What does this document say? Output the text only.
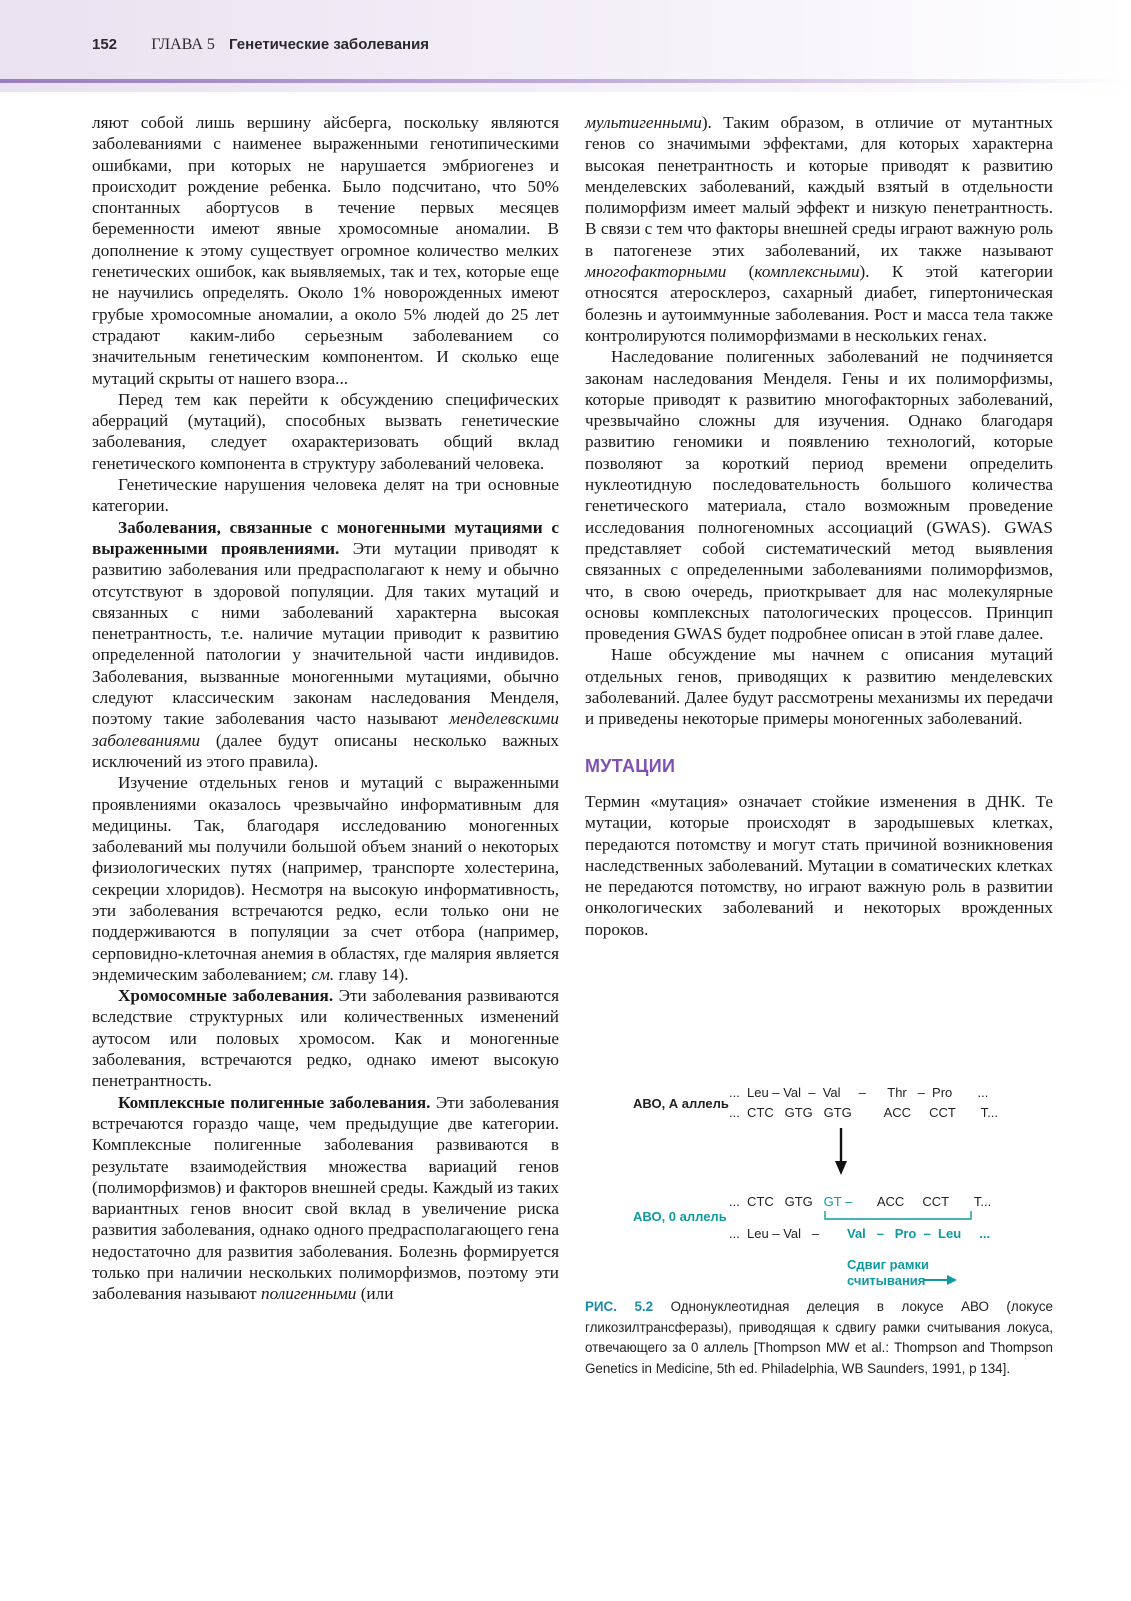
152 ГЛАВА 5 Генетические заболевания

ляют собой лишь вершину айсберга, поскольку являются заболеваниями с наименее выраженными генотипическими ошибками, при которых не нарушается эмбриогенез и происходит рождение ребенка. Было подсчитано, что 50% спонтанных абортусов в течение первых месяцев беременности имеют явные хромосомные аномалии. В дополнение к этому существует огромное количество мелких генетических ошибок, как выявляемых, так и тех, которые еще не научились определять. Около 1% новорожденных имеют грубые хромосомные аномалии, а около 5% людей до 25 лет страдают каким-либо серьезным заболеванием со значительным генетическим компонентом. И сколько еще мутаций скрыты от нашего взора...

Перед тем как перейти к обсуждению специфических аберраций (мутаций), способных вызвать генетические заболевания, следует охарактеризовать общий вклад генетического компонента в структуру заболеваний человека.

Генетические нарушения человека делят на три основные категории.

Заболевания, связанные с моногенными мутациями с выраженными проявлениями. Эти мутации приводят к развитию заболевания или предрасполагают к нему и обычно отсутствуют в здоровой популяции. Для таких мутаций и связанных с ними заболеваний характерна высокая пенетрантность, т.е. наличие мутации приводит к развитию определенной патологии у значительной части индивидов. Заболевания, вызванные моногенными мутациями, обычно следуют классическим законам наследования Менделя, поэтому такие заболевания часто называют менделевскими заболеваниями (далее будут описаны несколько важных исключений из этого правила).

Изучение отдельных генов и мутаций с выраженными проявлениями оказалось чрезвычайно информативным для медицины. Так, благодаря исследованию моногенных заболеваний мы получили большой объем знаний о некоторых физиологических путях (например, транспорте холестерина, секреции хлоридов). Несмотря на высокую информативность, эти заболевания встречаются редко, если только они не поддерживаются в популяции за счет отбора (например, серповидно-клеточная анемия в областях, где малярия является эндемическим заболеванием; см. главу 14).

Хромосомные заболевания. Эти заболевания развиваются вследствие структурных или количественных изменений аутосом или половых хромосом. Как и моногенные заболевания, встречаются редко, однако имеют высокую пенетрантность.

Комплексные полигенные заболевания. Эти заболевания встречаются гораздо чаще, чем предыдущие две категории. Комплексные полигенные заболевания развиваются в результате взаимодействия множества вариаций генов (полиморфизмов) и факторов внешней среды. Каждый из таких вариантных генов вносит свой вклад в увеличение риска развития заболевания, однако одного предрасполагающего гена недостаточно для развития заболевания. Болезнь формируется только при наличии нескольких полиморфизмов, поэтому эти заболевания называют полигенными (или

мультигенными). Таким образом, в отличие от мутантных генов со значимыми эффектами, для которых характерна высокая пенетрантность и которые приводят к развитию менделевских заболеваний, каждый взятый в отдельности полиморфизм имеет малый эффект и низкую пенетрантность. В связи с тем что факторы внешней среды играют важную роль в патогенезе этих заболеваний, их также называют многофакторными (комплексными). К этой категории относятся атеросклероз, сахарный диабет, гипертоническая болезнь и аутоиммунные заболевания. Рост и масса тела также контролируются полиморфизмами в нескольких генах.

Наследование полигенных заболеваний не подчиняется законам наследования Менделя. Гены и их полиморфизмы, которые приводят к развитию многофакторных заболеваний, чрезвычайно сложны для изучения. Однако благодаря развитию геномики и появлению технологий, которые позволяют за короткий период времени определить нуклеотидную последовательность большого количества генетического материала, стало возможным проведение исследования полногеномных ассоциаций (GWAS). GWAS представляет собой систематический метод выявления связанных с определенными заболеваниями полиморфизмов, что, в свою очередь, приоткрывает для нас молекулярные основы комплексных патологических процессов. Принцип проведения GWAS будет подробнее описан в этой главе далее.

Наше обсуждение мы начнем с описания мутаций отдельных генов, приводящих к развитию менделевских заболеваний. Далее будут рассмотрены механизмы их передачи и приведены некоторые примеры моногенных заболеваний.

МУТАЦИИ

Термин «мутация» означает стойкие изменения в ДНК. Те мутации, которые происходят в зародышевых клетках, передаются потомству и могут стать причиной возникновения наследственных заболеваний. Мутации в соматических клетках не передаются потомству, но играют важную роль в развитии онкологических заболеваний и некоторых врожденных пороков.

АВО, А аллель
...  Leu – Val  –  Val     –      Thr   –  Pro       ...
...  CTC   GTG   GTG         ACC     CCT       T...
...  CTC   GTG   GT –       ACC     CCT       T...
АВО, 0 аллель
...  Leu – Val   – Val   –   Pro  –  Leu     ...
Сдвиг рамки
считывания
РИС. 5.2 Однонуклеотидная делеция в локусе АВО (локусе гликозилтрансферазы), приводящая к сдвигу рамки считывания локуса, отвечающего за 0 аллель [Thompson MW et al.: Thompson and Thompson Genetics in Medicine, 5th ed. Philadelphia, WB Saunders, 1991, p 134].
